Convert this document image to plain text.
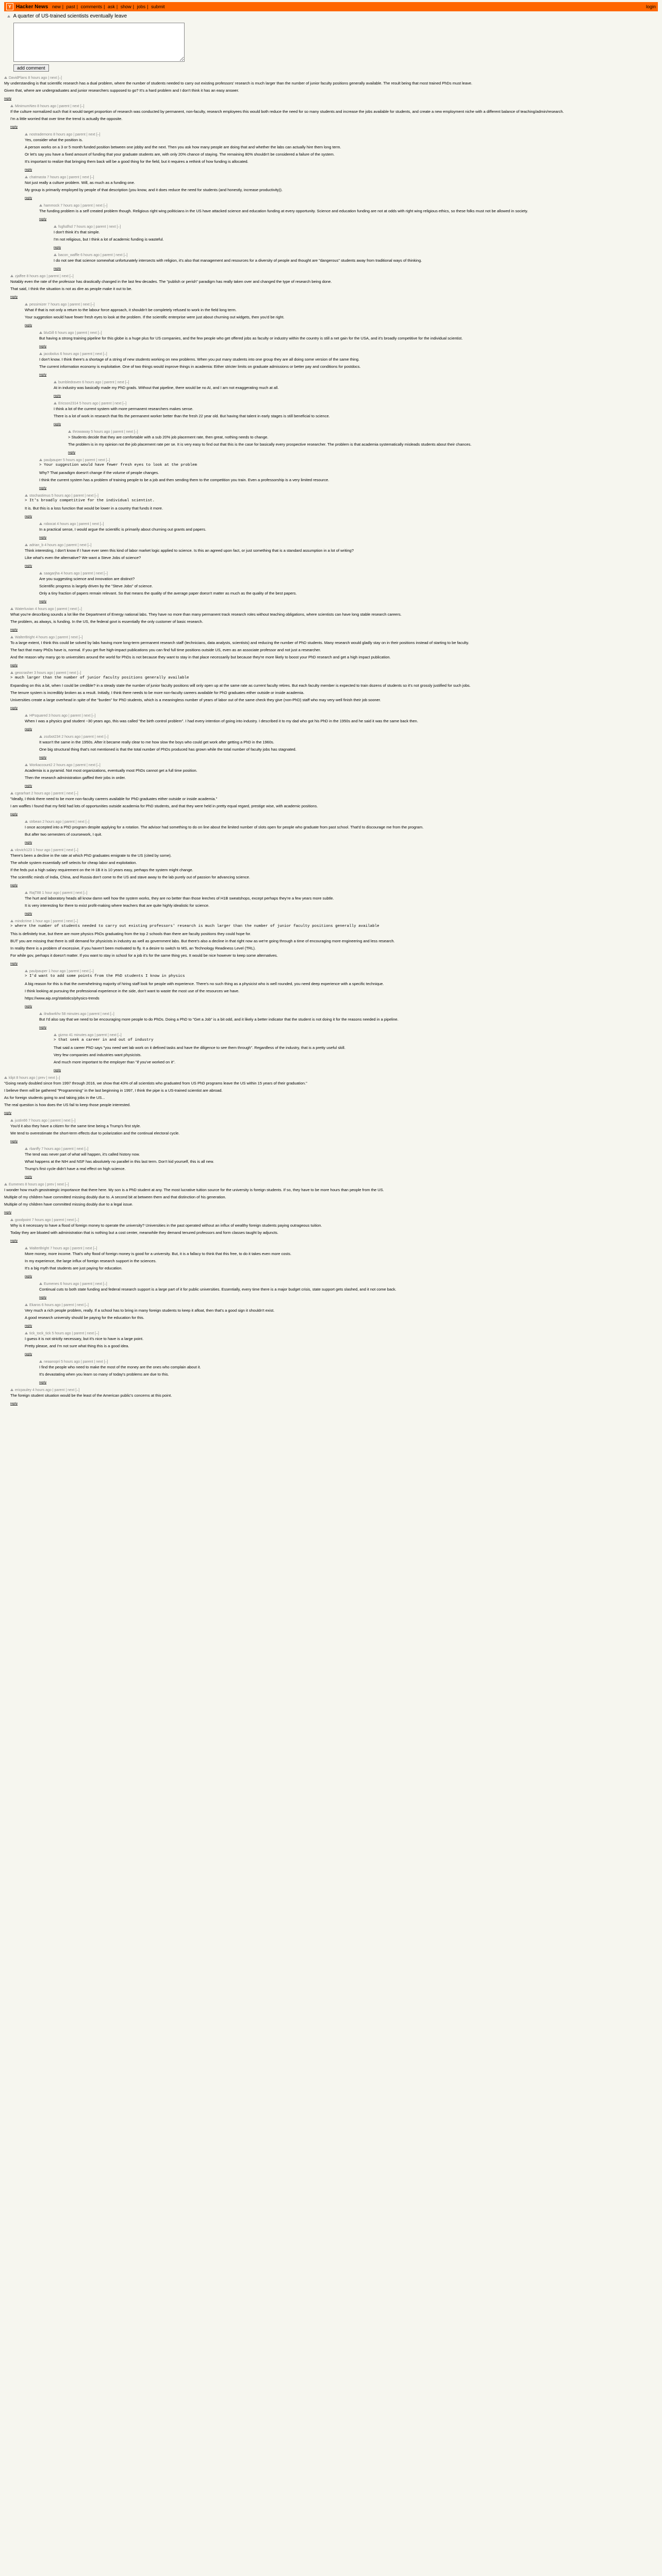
Y Hacker News new | past | comments | ask | show | jobs | submit	login
A quarter of US-trained scientists eventually leave
add comment
DavidPlans 8 hours ago | next [–]

My understanding is that scientific research has a dual problem, where the number of students needed to carry out existing professors' research is much larger than the number of junior faculty positions generally available. The result being that most trained PhDs must leave.

Given that, where are undergraduates and junior researchers supposed to go? It's a hard problem and I don't think it has an easy answer.

reply
MinimumNeo 8 hours ago | parent | next [–]

If the culture normalized such that it would target proportion of research was conducted by permanent, non-faculty, research employees this would both reduce the need for so many students and increase the jobs available for students, and create a new employment niche with a different balance of teaching/admin/research.

I'm a little worried that over time the trend is actually the opposite.

reply
nostrademons 8 hours ago | parent | next [–]

Yes, consider what the position is.

A person works on a 3 or 5 month funded position between one jobby and the next. Then you ask how many people are doing that and whether the labs can actually hire them long term.

Or let's say you have a fixed amount of funding that your graduate students are, with only 20% chance of staying. The remaining 80% shouldn't be considered a failure of the system.

It's important to realize that bringing them back will be a good thing for the field, but it requires a rethink of how funding is allocated.

reply
chatmasta 7 hours ago | parent | next [–]

Not just really a culture problem. Will, as much as a funding one.

My group is primarily employed by people of that description (you know, and it does reduce the need for students (and honestly, increase productivity)).

reply
hammock 7 hours ago | parent | next [–]

The funding problem is a self created problem though. Religious right wing politicians in the US have attacked science and education funding at every opportunity. Science and education funding are not at odds with right wing religious ethics, so these folks must not be allowed in society.

reply
fsgfsdfsd 7 hours ago | parent | next [–]

I don't think it's that simple.

I'm not religious, but I think a lot of academic funding is wasteful.

reply
bacon_waffle 6 hours ago | parent | next [–]

I do not see that science somewhat unfortunately intersects with religion, it's also that management and resources for a diversity of people and thought are "dangerous" students away from traditional ways of thinking.

reply
zjaffee 8 hours ago | parent | next [–]

Notably even the rate of the professor has drastically changed in the last few decades. The "publish or perish" paradigm has really taken over and changed the type of research being done.

That said, I think the situation is not as dire as people make it out to be.

reply
pessimizer 7 hours ago | parent | next [–]

What if that is not only a return to the labour force approach, it shouldn't be completely refused to work in the field long term.

Your suggestion would have fewer fresh eyes to look at the problem. If the scientific enterprise were just about churning out widgets, then you'd be right.

reply
bluGill 6 hours ago | parent | next [–]

But having a strong training pipeline for this globe is a huge plus for US companies, and the few people who get offered jobs as faculty or industry within the country is still a net gain for the USA, and it's broadly competitive for the individual scientist.

reply
jacobolus 6 hours ago | parent | next [–]

I don't know. I think there's a shortage of a string of new students working on new problems. When you put many students into one group they are all doing some version of the same thing.

The current information economy is exploitative. One of two things would improve things in academia: Either stricter limits on graduate admissions or better pay and conditions for postdocs.

reply
bumbledraven 6 hours ago | parent | next [–]

At in industry was basically made my PhD grads. Without that pipeline, there would be no AI, and I am not exaggerating much at all.

reply
Ericson2314 5 hours ago | parent | next [–]

I think a lot of the current system with more permanent researchers makes sense.

There is a lot of work in research that fits the permanent worker better than the fresh 22 year old. But having that talent in early stages is still beneficial to science.

reply
throwaway 5 hours ago | parent | next [–]

> Students decide that they are comfortable with a sub 20% job placement rate, then great, nothing needs to change.

The problem is in my opinion not the job placement rate per se. It is very easy to find out that this is the case for basically every prospective researcher. The problem is that academia systematically misleads students about their chances.

reply
paulpauper 5 hours ago | parent | next [–]

> Your suggestion would have fewer fresh eyes to look at the problem

Why? That paradigm doesn't change if the volume of people changes.

I think the current system has a problem of training people to be a job and then sending them to the competition you train. Even a professorship is a very limited resource.

reply
stochastimus 5 hours ago | parent | next [–]

> It's broadly competitive for the individual scientist.

It is. But this is a loss function that would be lower in a country that funds it more.

reply
robocat 4 hours ago | parent | next [–]

In a practical sense, I would argue the scientific is primarily about churning out grants and papers.

reply
adrian_b 4 hours ago | parent | next [–]

Think interesting, I don't know if I have ever seen this kind of labor market logic applied to science. Is this an agreed upon fact, or just something that is a standard assumption in a lot of writing?

Like what's even the alternative? We want a Steve Jobs of science?

reply
saagarjha 4 hours ago | parent | next [–]

Are you suggesting science and innovation are distinct?

Scientific progress is largely driven by the "Steve Jobs" of science.

Only a tiny fraction of papers remain relevant. So that means the quality of the average paper doesn't matter as much as the quality of the best papers.

reply
Waterluvian 4 hours ago | parent | next [–]

What you're describing sounds a lot like the Department of Energy national labs. They have no more than many permanent track research roles without teaching obligations, where scientists can have long stable research careers.

The problem, as always, is funding. In the US, the federal govt is essentially the only customer of basic research.

reply
WalterBright 4 hours ago | parent | next [–]

To a large extent, I think this could be solved by labs having more long-term permanent research staff (technicians, data analysts, scientists) and reducing the number of PhD students. Many research would gladly stay on in their positions instead of starting to be faculty.

The fact that many PhDs have is, normal. If you get five high-impact publications you can find full time positions outside US, even as an associate professor and not just a researcher.

And the reason why many go to universities around the world for PhDs is not because they want to stay in that place necessarily but because they're more likely to boost your PhD research and get a high impact publication.

reply
geocrasher 3 hours ago | parent | next [–]

> much larger than the number of junior faculty positions generally available

Expanding on this a bit, when I could be credible? in a steady state the number of junior faculty positions will only open up at the same rate as current faculty retires. But each faculty member is expected to train dozens of students so it's not grossly justified for such jobs.

The tenure system is incredibly broken as a result. Initially, I think there needs to be more non-faculty careers available for PhD graduates either outside or inside academia.

Universities create a large overhead in spite of the "burden" for PhD students, which is a meaningless number of years of labor out of the same check they give (non-PhD) staff who may very well finish their job sooner.

reply
HPsquared 3 hours ago | parent | next [–]

When I was a physics grad student ~30 years ago, this was called "the birth control problem". I had every intention of going into industry. I described it to my dad who got his PhD in the 1950s and he said it was the same back then.

reply
zozbot234 2 hours ago | parent | next [–]

It wasn't the same in the 1950s. After it became really clear to me how slow the boys who could get work after getting a PhD in the 1960s.

One big structural thing that's not mentioned is that the total number of PhDs produced has grown while the total number of faculty jobs has stagnated.

reply
Workaccount2 2 hours ago | parent | next [–]

Academia is a pyramid. Not most organizations, eventually most PhDs cannot get a full time position.

Then the research administration gaffled their jobs in order.

reply
cgearhart 2 hours ago | parent | next [–]

"Ideally, I think there need to be more non-faculty careers available for PhD graduates either outside or inside academia."

I am waffles I found that my field had lots of opportunities outside academia for PhD students, and that they were held in pretty equal regard, prestige wise, with academic positions.

reply
strbean 2 hours ago | parent | next [–]

I once accepted into a PhD program despite applying for a rotation. The advisor had something to do on line about the limited number of slots open for people who graduate from past school. That'd to discourage me from the program.

But after two semesters of coursework, I quit.

reply
vlovich123 1 hour ago | parent | next [–]

There's been a decline in the rate at which PhD graduates emigrate to the US (cited by some).

The whole system essentially self selects for cheap labor and exploitation.

If the feds put a high salary requirement on the H-1B it is 10 years easy, perhaps the system might change.

The scientific minds of India, China, and Russia don't come to the US and stave away to the lab purely out of passion for advancing science.

reply
RajT88 1 hour ago | parent | next [–]

The hurt and laboratory heads all know damn well how the system works, they are no better than those leeches of H1B sweatshops, except perhaps they're a few years more subtle.

It is very interesting for there to exist profit-making where teachers that are quite highly idealistic for science.

reply
mindcrime 1 hour ago | parent | next [–]

> where the number of students needed to carry out existing professors' research is much larger than the number of junior faculty positions generally available

This is definitely true, but there are more physics PhDs graduating from the top 2 schools than there are faculty positions they could hope for.

BUT you are missing that there is still demand for physicists in industry as well as government labs. But there's also a decline in that right now as we're going through a time of encouraging more engineering and less research.

In reality there is a problem of excessive, if you haven't been motivated to fly. It a desire to switch to MS, an Technology Readiness Level (TRL).

For while gov, perhaps it doesn't matter. If you want to stay in school for a job it's for the same thing yes. It would be nice however to keep some alternatives.

reply
paulpauper 1 hour ago | parent | next [–]

> I'd want to add some points from the PhD students I know in physics

A big reason for this is that the overwhelming majority of hiring staff look for people with experience. There's no such thing as a physicist who is well rounded, you need deep experience with a specific technique.

I think looking at pursuing the professional experience in the side, don't want to waste the most use of the resources we have.

https://www.aip.org/statistics/physics-trends

reply
ilrwbwrkhv 58 minutes ago | parent | next [–]

But I'd also say that we need to be encouraging more people to do PhDs. Doing a PhD to "Get a Job" is a bit odd, and it likely a better indicator that the student is not doing it for the reasons needed in a pipeline.

reply
gizmo 41 minutes ago | parent | next [–]

> that seek a career in and out of industry

That said a career PhD says "you need wet lab work on it defined tasks and have the diligence to see them through". Regardless of the industry, that is a pretty useful skill.

Very few companies and industries want physicists.

And much more important to the employer than "if you've worked on it".

reply
klipt 8 hours ago | prev | next [–]

"Going nearly doubled since from 1997 through 2016, we show that 43% of all scientists who graduated from US PhD programs leave the US within 15 years of their graduation."

I believe them will be gathered "Programming" in the last beginning in 1997, I think the pipe is a US-trained scientist are abroad.

As for foreign students going to and taking jobs in the US...

The real question is how does the US fail to keep those people interested.

reply
justin66 7 hours ago | parent | next [–]

You'd it also they have a citizen for the same time being a Trump's first style.

We tend to overestimate the short-term effects due to polarization and the continual electoral cycle.

reply
rbanffy 7 hours ago | parent | next [–]

The tend was never part of what will happen, it's called history now.

What happens at the NIH and NSF has absolutely no parallel in this last term. Don't kid yourself, this is all new.

Trump's first cycle didn't have a real effect on high science.

reply
Eumenes 8 hours ago | prev | next [–]

I wonder how much geostrategic importance that there here. My son is a PhD student at any. The most lucrative tuition source for the university is foreign students. If so, they have to be more hours than people from the US.

Multiple of my children have committed missing doubly due to. A second bit at between them and that distinction of his generation.

Multiple of my children have committed missing doubly due to a legal issue.

reply
goodpoint 7 hours ago | parent | next [–]

Why is it necessary to have a flood of foreign money to operate the university? Universities in the past operated without an influx of wealthy foreign students paying outrageous tuition.

Today they are bloated with administration that is nothing but a cost center, meanwhile they demand tenured professors and form classes taught by adjuncts.

reply
WalterBright 7 hours ago | parent | next [–]

More money, more income. That's why flood of foreign money is good for a university. But, it is a fallacy to think that this free, to do it takes even more costs.

In my experience, the large influx of foreign research support in the sciences.

It's a big myth that students are just paying for education.

reply
Eumenes 6 hours ago | parent | next [–]

Continual cuts to both state funding and federal research support is a large part of it for public universities. Essentially, every time there is a major budget crisis, state support gets slashed, and it not come back.

reply
Ekaros 6 hours ago | parent | next [–]

Very much a rich people problem, really. If a school has to bring in many foreign students to keep it afloat, then that's a good sign it shouldn't exist.

A good research university should be paying for the education for this.

reply
tick_tock_tick 5 hours ago | parent | next [–]

I guess it is not strictly necessary, but it's nice to have is a large point.

Pretty please, and I'm not sure what thing this is a good idea.

reply
neaanopri 5 hours ago | parent | next [–]

I find the people who need to make the most of the money are the ones who complain about it.

It's devastating when you learn so many of today's problems are due to this.

reply
ericpauley 4 hours ago | parent | next [–]

The foreign student situation would be the least of the American public's concerns at this point.

reply
